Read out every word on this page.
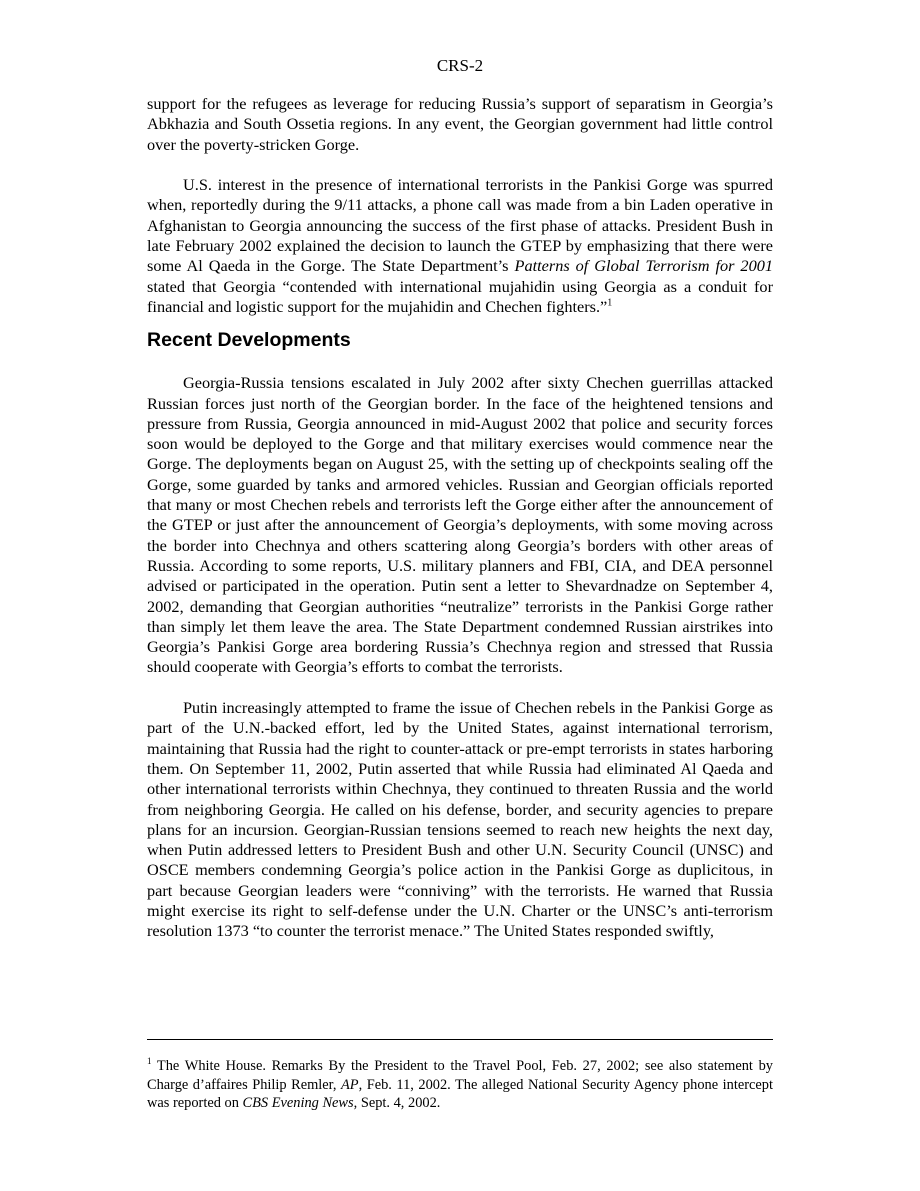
CRS-2

support for the refugees as leverage for reducing Russia’s support of separatism in Georgia’s Abkhazia and South Ossetia regions. In any event, the Georgian government had little control over the poverty-stricken Gorge.

U.S. interest in the presence of international terrorists in the Pankisi Gorge was spurred when, reportedly during the 9/11 attacks, a phone call was made from a bin Laden operative in Afghanistan to Georgia announcing the success of the first phase of attacks. President Bush in late February 2002 explained the decision to launch the GTEP by emphasizing that there were some Al Qaeda in the Gorge. The State Department’s Patterns of Global Terrorism for 2001 stated that Georgia “contended with international mujahidin using Georgia as a conduit for financial and logistic support for the mujahidin and Chechen fighters.”$^1$

Recent Developments

Georgia-Russia tensions escalated in July 2002 after sixty Chechen guerrillas attacked Russian forces just north of the Georgian border. In the face of the heightened tensions and pressure from Russia, Georgia announced in mid-August 2002 that police and security forces soon would be deployed to the Gorge and that military exercises would commence near the Gorge. The deployments began on August 25, with the setting up of checkpoints sealing off the Gorge, some guarded by tanks and armored vehicles. Russian and Georgian officials reported that many or most Chechen rebels and terrorists left the Gorge either after the announcement of the GTEP or just after the announcement of Georgia’s deployments, with some moving across the border into Chechnya and others scattering along Georgia’s borders with other areas of Russia. According to some reports, U.S. military planners and FBI, CIA, and DEA personnel advised or participated in the operation. Putin sent a letter to Shevardnadze on September 4, 2002, demanding that Georgian authorities “neutralize” terrorists in the Pankisi Gorge rather than simply let them leave the area. The State Department condemned Russian airstrikes into Georgia’s Pankisi Gorge area bordering Russia’s Chechnya region and stressed that Russia should cooperate with Georgia’s efforts to combat the terrorists.

Putin increasingly attempted to frame the issue of Chechen rebels in the Pankisi Gorge as part of the U.N.-backed effort, led by the United States, against international terrorism, maintaining that Russia had the right to counter-attack or pre-empt terrorists in states harboring them. On September 11, 2002, Putin asserted that while Russia had eliminated Al Qaeda and other international terrorists within Chechnya, they continued to threaten Russia and the world from neighboring Georgia. He called on his defense, border, and security agencies to prepare plans for an incursion. Georgian-Russian tensions seemed to reach new heights the next day, when Putin addressed letters to President Bush and other U.N. Security Council (UNSC) and OSCE members condemning Georgia’s police action in the Pankisi Gorge as duplicitous, in part because Georgian leaders were “conniving” with the terrorists. He warned that Russia might exercise its right to self-defense under the U.N. Charter or the UNSC’s anti-terrorism resolution 1373 “to counter the terrorist menace.” The United States responded swiftly,

$^1$ The White House. Remarks By the President to the Travel Pool, Feb. 27, 2002; see also statement by Charge d’affaires Philip Remler, AP, Feb. 11, 2002. The alleged National Security Agency phone intercept was reported on CBS Evening News, Sept. 4, 2002.
